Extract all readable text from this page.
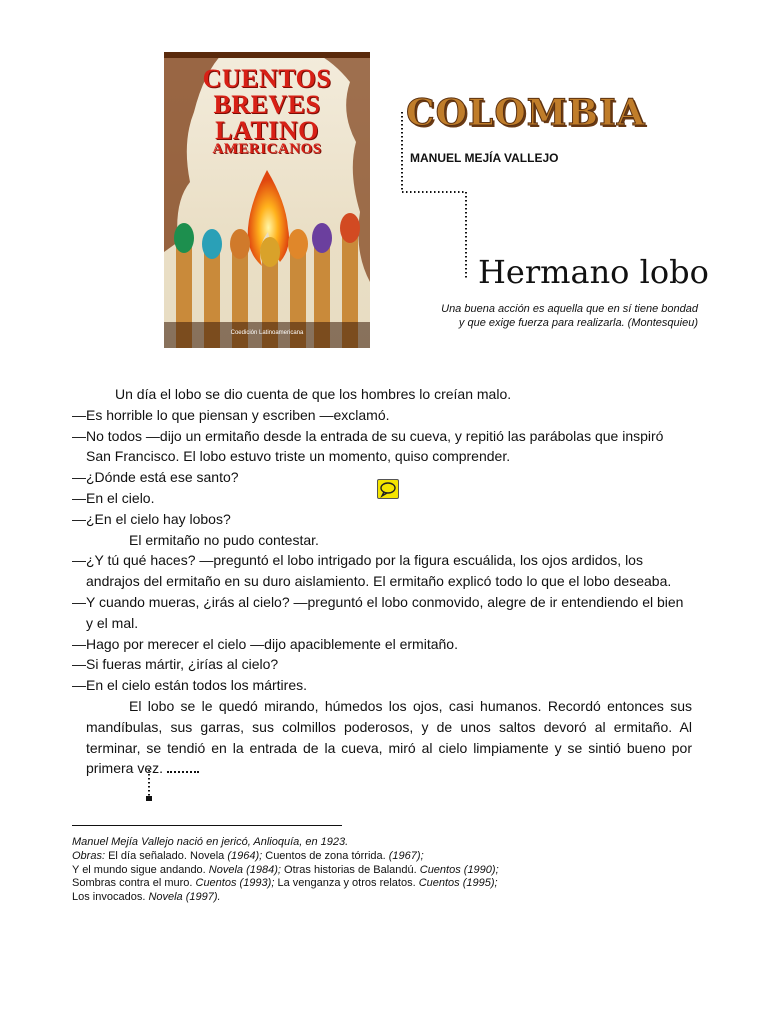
CUENTOS
BREVES
LATINO
AMERICANOS
Coedición Latinoamericana
COLOMBIA
MANUEL MEJÍA VALLEJO
Hermano lobo
Una buena acción es aquella que en sí tiene bondad
y que exige fuerza para realizarla. (Montesquieu)

Un día el lobo se dio cuenta de que los hombres lo creían malo.

—Es horrible lo que piensan y escriben —exclamó.

—No todos —dijo un ermitaño desde la entrada de su cueva, y repitió las parábolas que inspiró San Francisco. El lobo estuvo triste un momento, quiso comprender.

—¿Dónde está ese santo?

—En el cielo.

—¿En el cielo hay lobos?

El ermitaño no pudo contestar.

—¿Y tú qué haces? —preguntó el lobo intrigado por la figura escuálida, los ojos ardidos, los andrajos del ermitaño en su duro aislamiento. El ermitaño explicó todo lo que el lobo deseaba.

—Y cuando mueras, ¿irás al cielo? —preguntó el lobo conmovido, alegre de ir entendiendo el bien y el mal.

—Hago por merecer el cielo —dijo apaciblemente el ermitaño.

—Si fueras mártir, ¿irías al cielo?

—En el cielo están todos los mártires.

El lobo se le quedó mirando, húmedos los ojos, casi humanos. Recordó entonces sus mandíbulas, sus garras, sus colmillos poderosos, y de unos saltos devoró al ermitaño. Al terminar, se tendió en la entrada de la cueva, miró al cielo limpiamente y se sintió bueno por primera vez.

Manuel Mejía Vallejo nació en jericó, Anlioquía, en 1923.

Obras: El día señalado. Novela (1964); Cuentos de zona tórrida. (1967);

Y el mundo sigue andando. Novela (1984); Otras historias de Balandú. Cuentos (1990);

Sombras contra el muro. Cuentos (1993); La venganza y otros relatos. Cuentos (1995);

Los invocados. Novela (1997).
